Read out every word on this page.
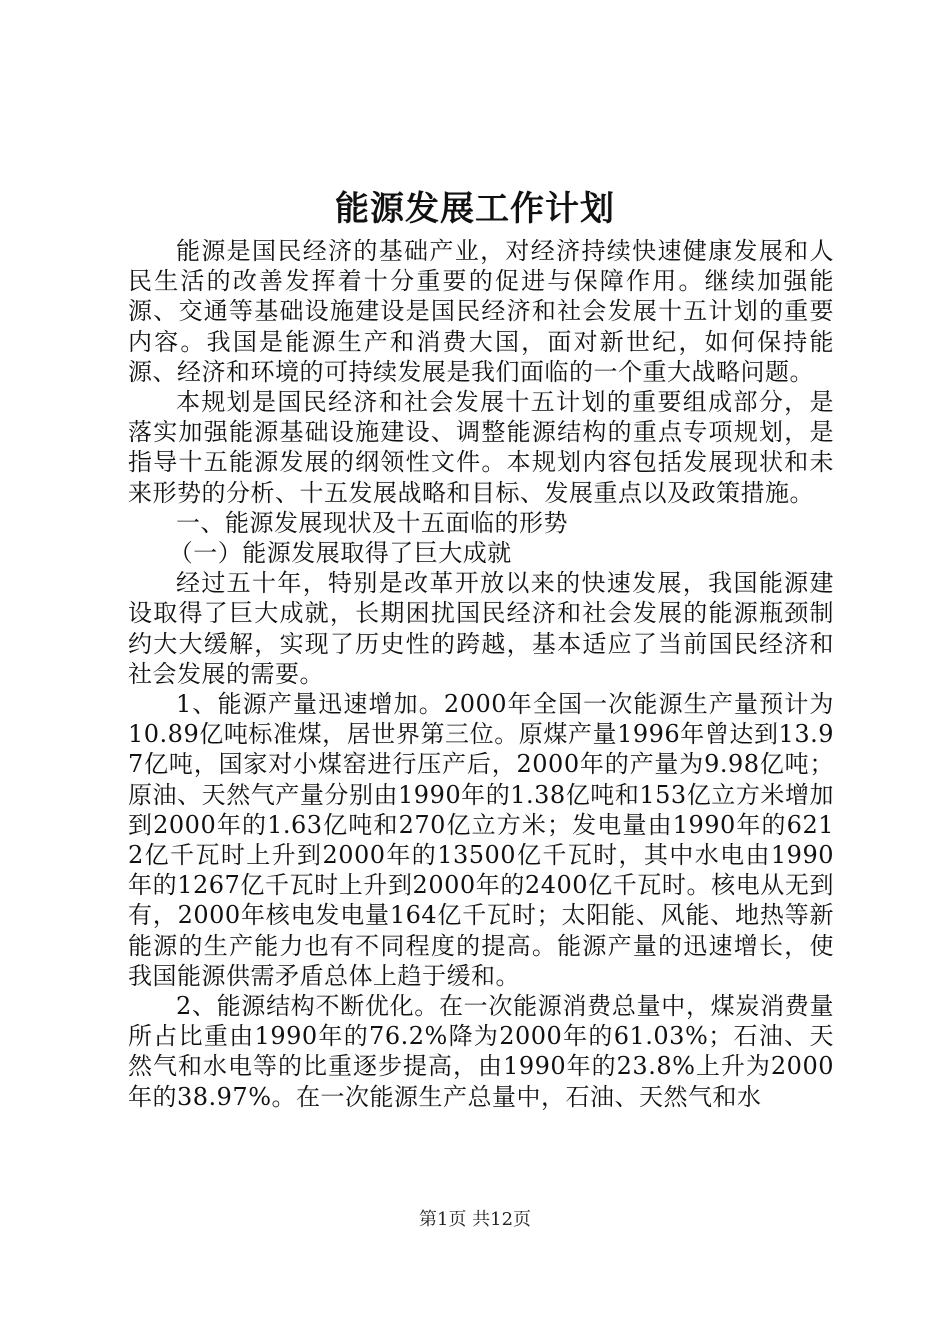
能源发展工作计划

能源是国民经济的基础产业，对经济持续快速健康发展和人民生活的改善发挥着十分重要的促进与保障作用。继续加强能源、交通等基础设施建设是国民经济和社会发展十五计划的重要内容。我国是能源生产和消费大国，面对新世纪，如何保持能源、经济和环境的可持续发展是我们面临的一个重大战略问题。

本规划是国民经济和社会发展十五计划的重要组成部分，是落实加强能源基础设施建设、调整能源结构的重点专项规划，是指导十五能源发展的纲领性文件。本规划内容包括发展现状和未来形势的分析、十五发展战略和目标、发展重点以及政策措施。

一、能源发展现状及十五面临的形势

（一）能源发展取得了巨大成就

经过五十年，特别是改革开放以来的快速发展，我国能源建设取得了巨大成就，长期困扰国民经济和社会发展的能源瓶颈制约大大缓解，实现了历史性的跨越，基本适应了当前国民经济和社会发展的需要。

1、能源产量迅速增加。2000年全国一次能源生产量预计为10.89亿吨标准煤，居世界第三位。原煤产量1996年曾达到13.97亿吨，国家对小煤窑进行压产后，2000年的产量为9.98亿吨；原油、天然气产量分别由1990年的1.38亿吨和153亿立方米增加到2000年的1.63亿吨和270亿立方米；发电量由1990年的6212亿千瓦时上升到2000年的13500亿千瓦时，其中水电由1990年的1267亿千瓦时上升到2000年的2400亿千瓦时。核电从无到有，2000年核电发电量164亿千瓦时；太阳能、风能、地热等新能源的生产能力也有不同程度的提高。能源产量的迅速增长，使我国能源供需矛盾总体上趋于缓和。

2、能源结构不断优化。在一次能源消费总量中，煤炭消费量所占比重由1990年的76.2%降为2000年的61.03%；石油、天然气和水电等的比重逐步提高，由1990年的23.8%上升为2000年的38.97%。在一次能源生产总量中，石油、天然气和水

第1页 共12页
